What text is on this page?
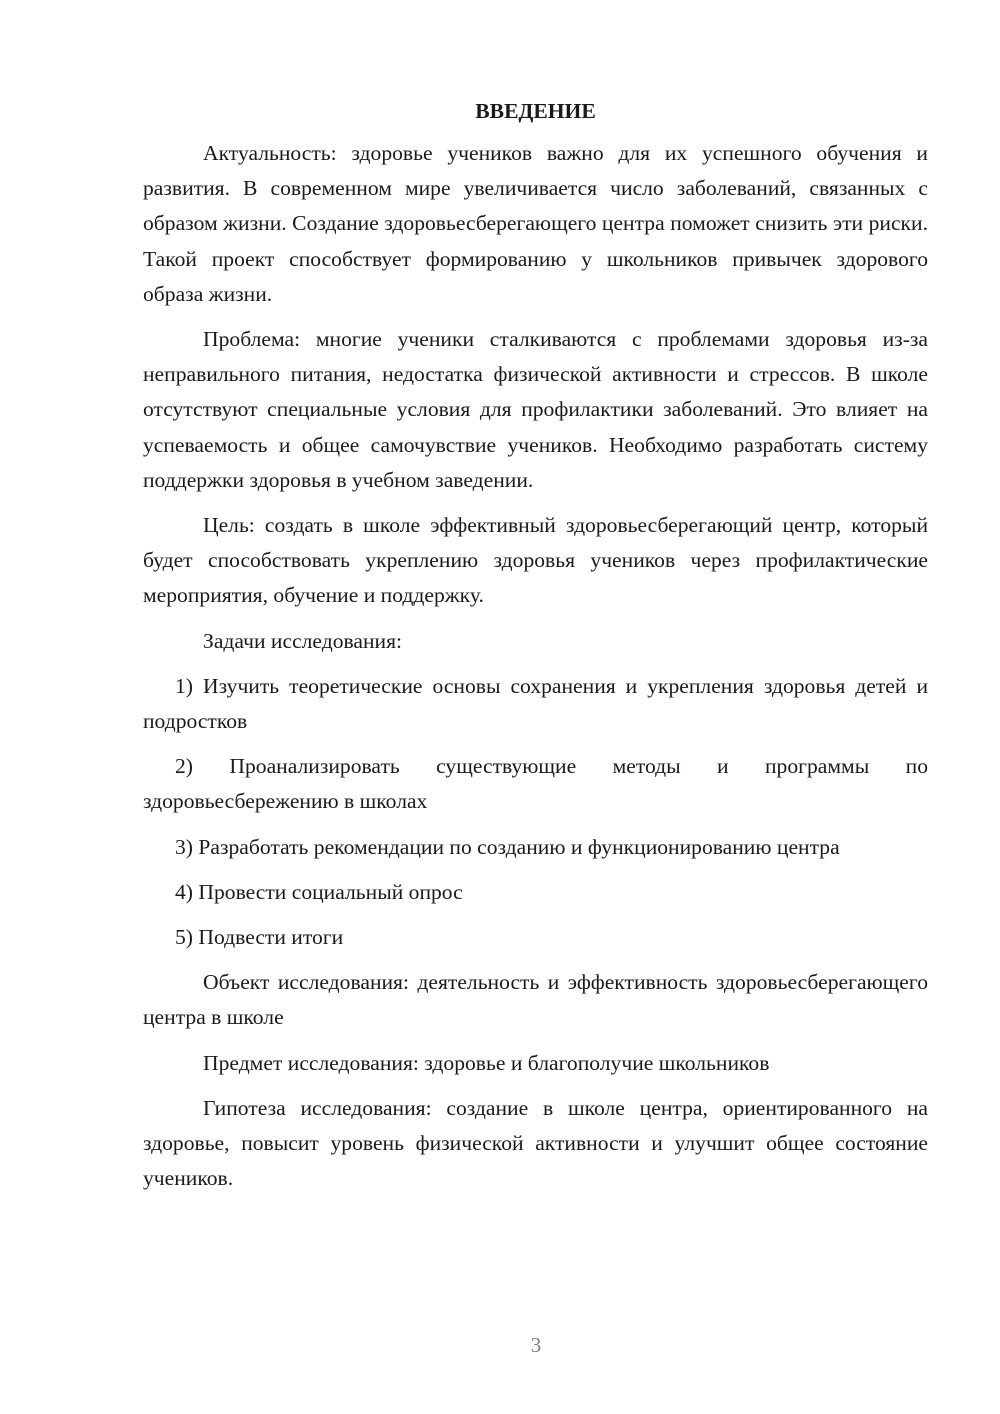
ВВЕДЕНИЕ

Актуальность: здоровье учеников важно для их успешного обучения и развития. В современном мире увеличивается число заболеваний, связанных с образом жизни. Создание здоровьесберегающего центра поможет снизить эти риски. Такой проект способствует формированию у школьников привычек здорового образа жизни.

Проблема: многие ученики сталкиваются с проблемами здоровья из-за неправильного питания, недостатка физической активности и стрессов. В школе отсутствуют специальные условия для профилактики заболеваний. Это влияет на успеваемость и общее самочувствие учеников. Необходимо разработать систему поддержки здоровья в учебном заведении.

Цель: создать в школе эффективный здоровьесберегающий центр, который будет способствовать укреплению здоровья учеников через профилактические мероприятия, обучение и поддержку.

Задачи исследования:

1) Изучить теоретические основы сохранения и укрепления здоровья детей и подростков

2) Проанализировать существующие методы и программы по здоровьесбережению в школах

3) Разработать рекомендации по созданию и функционированию центра

4) Провести социальный опрос

5) Подвести итоги

Объект исследования: деятельность и эффективность здоровьесберегающего центра в школе

Предмет исследования: здоровье и благополучие школьников

Гипотеза исследования: создание в школе центра, ориентированного на здоровье, повысит уровень физической активности и улучшит общее состояние учеников.

3
